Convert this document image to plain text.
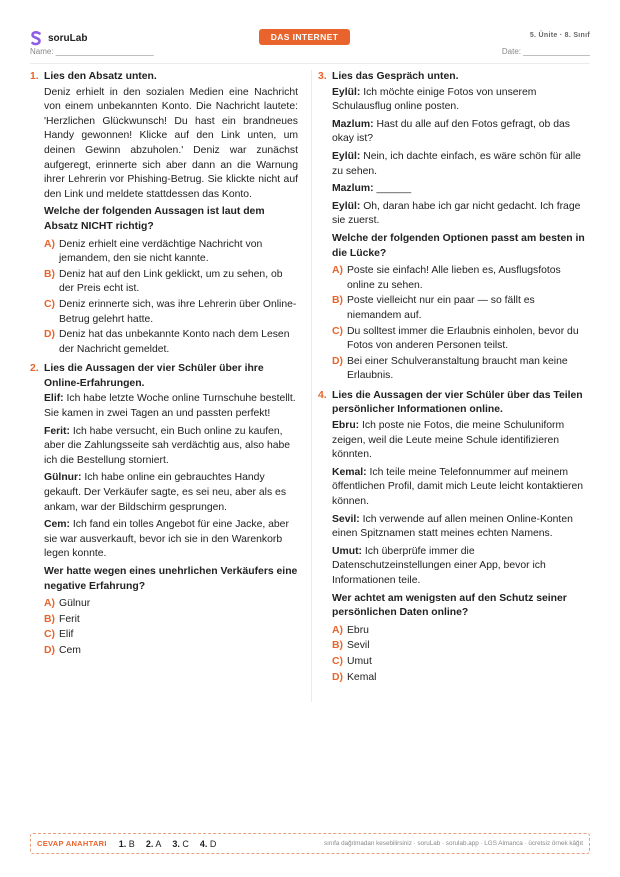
soruLab	DAS INTERNET	5. Ünite · 8. Sınıf
Name: ______________________	Date: _______________
1. Lies den Absatz unten.
Deniz erhielt in den sozialen Medien eine Nachricht von einem unbekannten Konto. Die Nachricht lautete: 'Herzlichen Glückwunsch! Du hast ein brandneues Handy gewonnen! Klicke auf den Link unten, um deinen Gewinn abzuholen.' Deniz war zunächst aufgeregt, erinnerte sich aber dann an die Warnung ihrer Lehrerin vor Phishing-Betrug. Sie klickte nicht auf den Link und meldete stattdessen das Konto.
Welche der folgenden Aussagen ist laut dem Absatz NICHT richtig?
A) Deniz erhielt eine verdächtige Nachricht von jemandem, den sie nicht kannte.
B) Deniz hat auf den Link geklickt, um zu sehen, ob der Preis echt ist.
C) Deniz erinnerte sich, was ihre Lehrerin über Online-Betrug gelehrt hatte.
D) Deniz hat das unbekannte Konto nach dem Lesen der Nachricht gemeldet.
2. Lies die Aussagen der vier Schüler über ihre Online-Erfahrungen.
Elif: Ich habe letzte Woche online Turnschuhe bestellt. Sie kamen in zwei Tagen an und passten perfekt!
Ferit: Ich habe versucht, ein Buch online zu kaufen, aber die Zahlungsseite sah verdächtig aus, also habe ich die Bestellung storniert.
Gülnur: Ich habe online ein gebrauchtes Handy gekauft. Der Verkäufer sagte, es sei neu, aber als es ankam, war der Bildschirm gesprungen.
Cem: Ich fand ein tolles Angebot für eine Jacke, aber sie war ausverkauft, bevor ich sie in den Warenkorb legen konnte.
Wer hatte wegen eines unehrlichen Verkäufers eine negative Erfahrung?
A) Gülnur
B) Ferit
C) Elif
D) Cem
3. Lies das Gespräch unten.
Eylül: Ich möchte einige Fotos von unserem Schulausflug online posten.
Mazlum: Hast du alle auf den Fotos gefragt, ob das okay ist?
Eylül: Nein, ich dachte einfach, es wäre schön für alle zu sehen.
Mazlum: ______
Eylül: Oh, daran habe ich gar nicht gedacht. Ich frage sie zuerst.
Welche der folgenden Optionen passt am besten in die Lücke?
A) Poste sie einfach! Alle lieben es, Ausflugsfotos online zu sehen.
B) Poste vielleicht nur ein paar — so fällt es niemandem auf.
C) Du solltest immer die Erlaubnis einholen, bevor du Fotos von anderen Personen teilst.
D) Bei einer Schulveranstaltung braucht man keine Erlaubnis.
4. Lies die Aussagen der vier Schüler über das Teilen persönlicher Informationen online.
Ebru: Ich poste nie Fotos, die meine Schuluniform zeigen, weil die Leute meine Schule identifizieren könnten.
Kemal: Ich teile meine Telefonnummer auf meinem öffentlichen Profil, damit mich Leute leicht kontaktieren können.
Sevil: Ich verwende auf allen meinen Online-Konten einen Spitznamen statt meines echten Namens.
Umut: Ich überprüfe immer die Datenschutzeinstellungen einer App, bevor ich Informationen teile.
Wer achtet am wenigsten auf den Schutz seiner persönlichen Daten online?
A) Ebru
B) Sevil
C) Umut
D) Kemal
CEVAP ANAHTARI 1. B 2. A 3. C 4. D	sınıfa dağıtmadan kesebilirsiniz · soruLab · sorulab.app · LGS Almanca · ücretsiz örnek kâğıt
